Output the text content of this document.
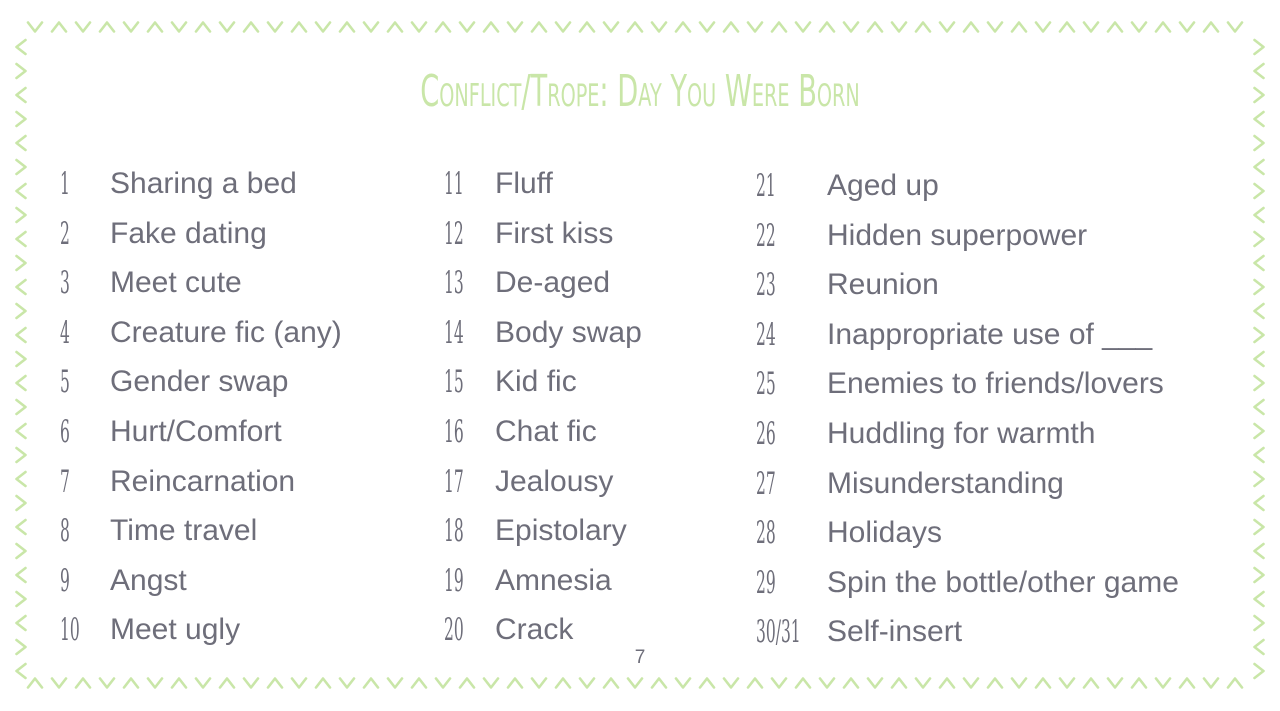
Conflict/Trope: Day You Were Born
1 Sharing a bed
2 Fake dating
3 Meet cute
4 Creature fic (any)
5 Gender swap
6 Hurt/Comfort
7 Reincarnation
8 Time travel
9 Angst
10 Meet ugly
11 Fluff
12 First kiss
13 De-aged
14 Body swap
15 Kid fic
16 Chat fic
17 Jealousy
18 Epistolary
19 Amnesia
20 Crack
21 Aged up
22 Hidden superpower
23 Reunion
24 Inappropriate use of ___
25 Enemies to friends/lovers
26 Huddling for warmth
27 Misunderstanding
28 Holidays
29 Spin the bottle/other game
30/31 Self-insert
7
